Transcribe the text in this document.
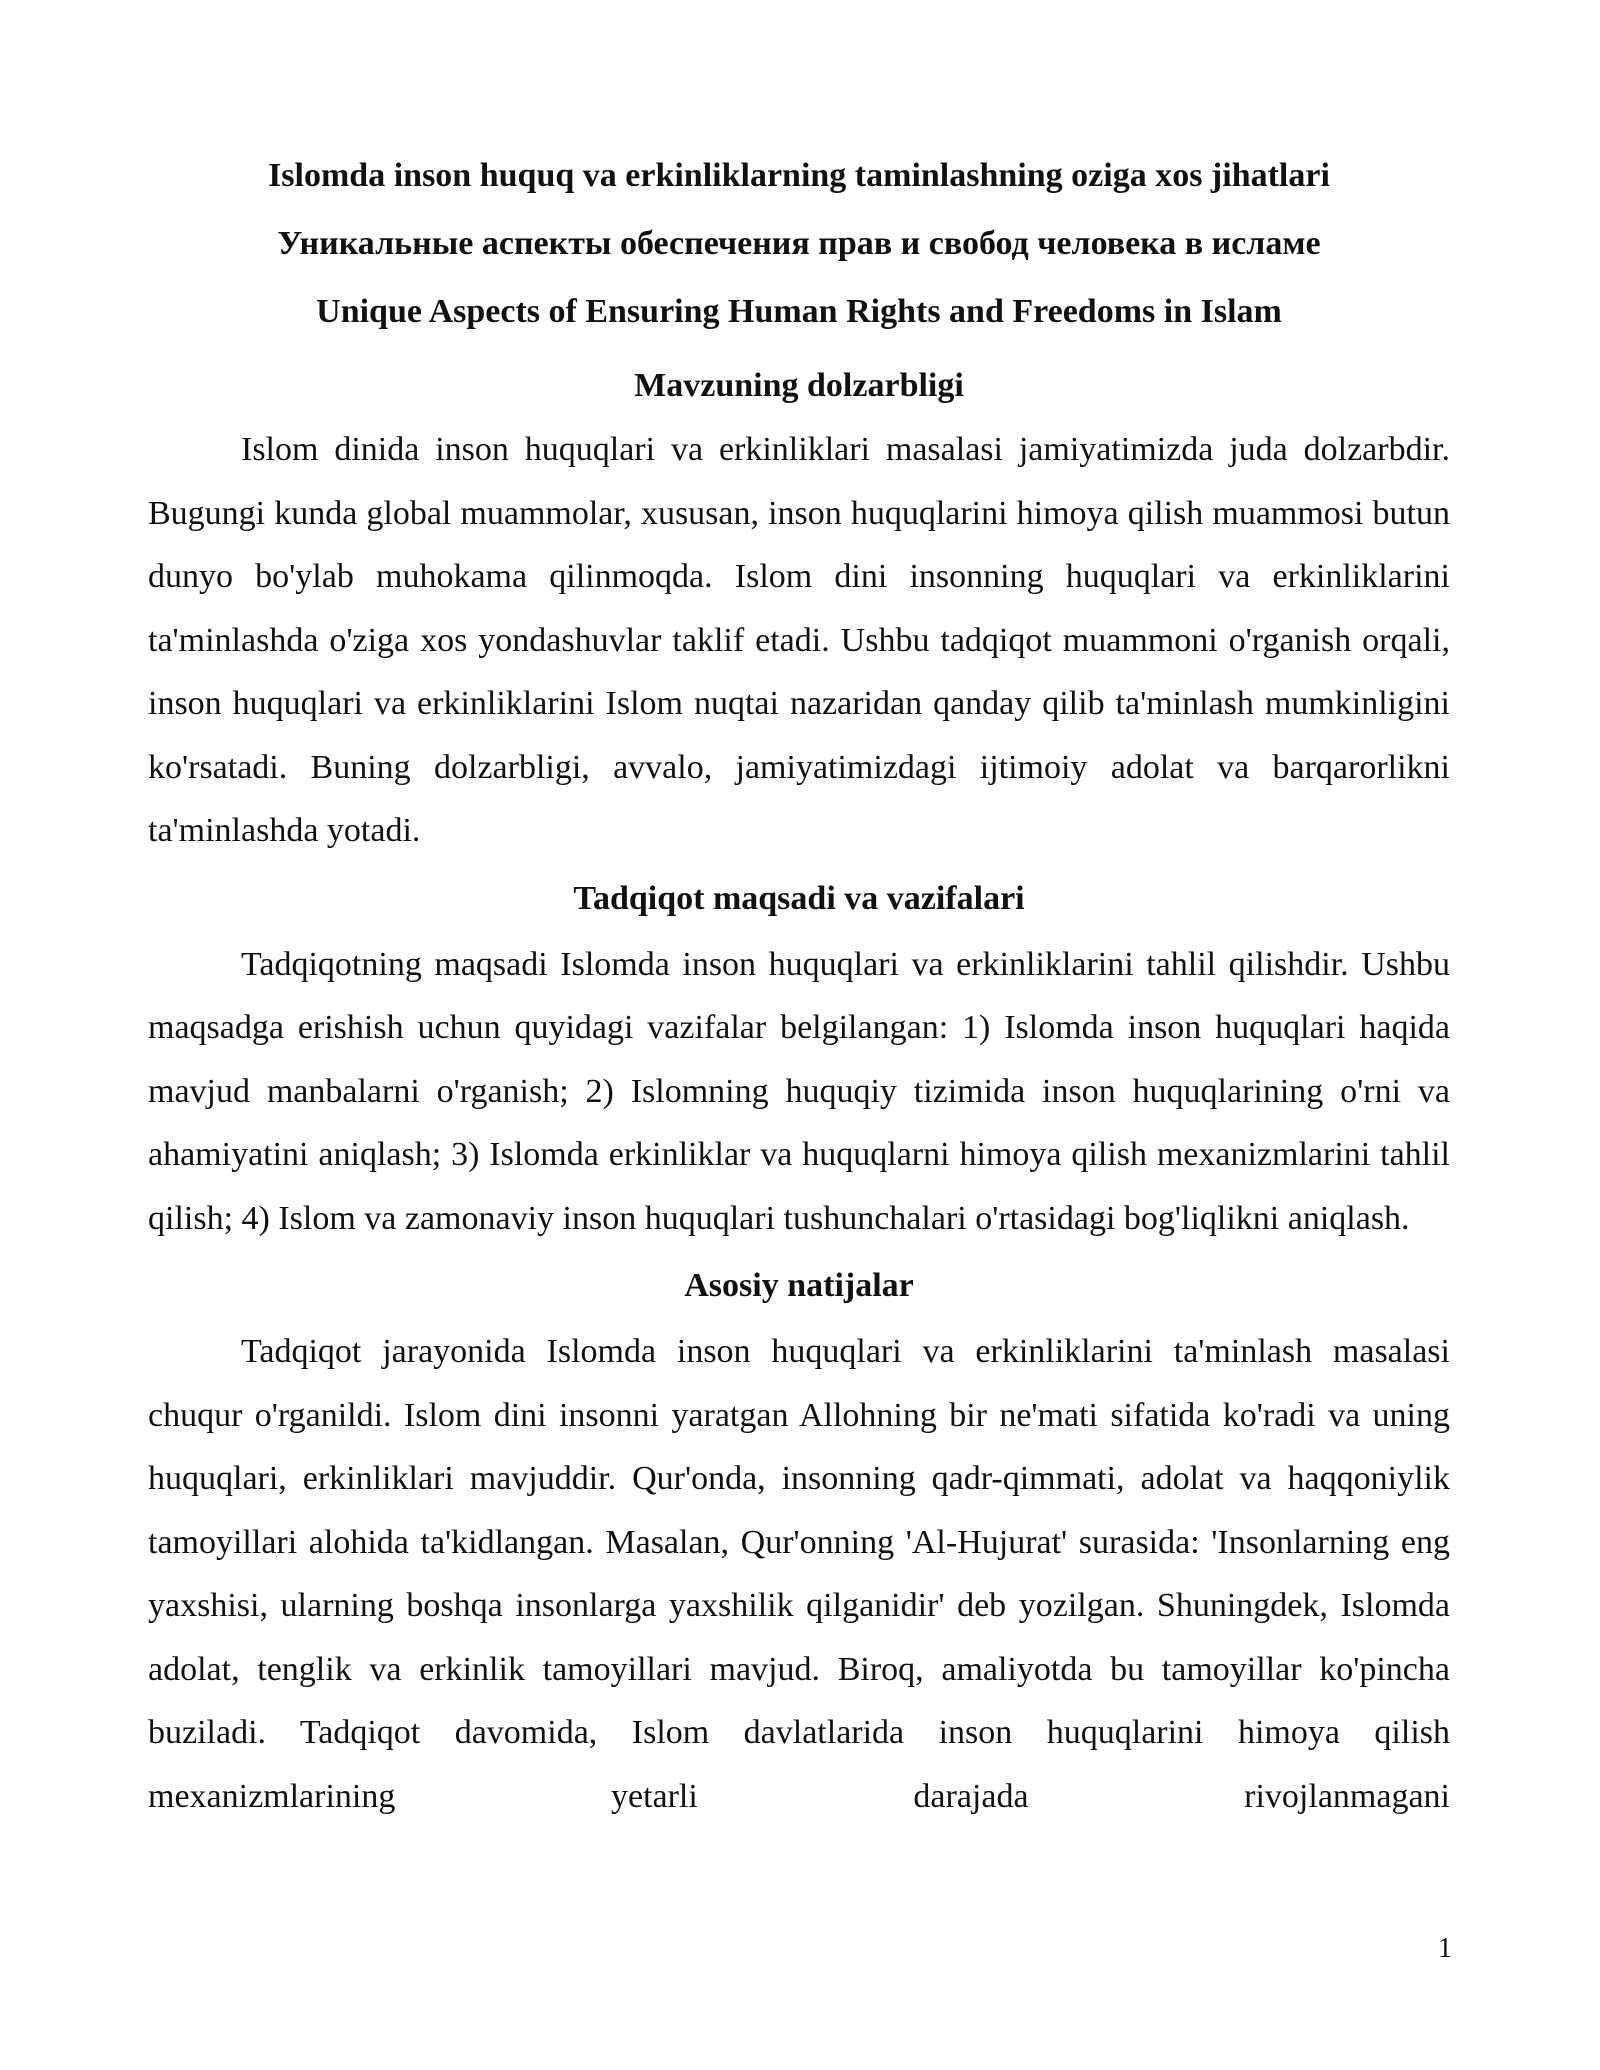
Islomda inson huquq va erkinliklarning taminlashning oziga xos jihatlari
Уникальные аспекты обеспечения прав и свобод человека в исламе
Unique Aspects of Ensuring Human Rights and Freedoms in Islam
Mavzuning dolzarbligi

Islom dinida inson huquqlari va erkinliklari masalasi jamiyatimizda juda dolzarbdir. Bugungi kunda global muammolar, xususan, inson huquqlarini himoya qilish muammosi butun dunyo bo'ylab muhokama qilinmoqda. Islom dini insonning huquqlari va erkinliklarini ta'minlashda o'ziga xos yondashuvlar taklif etadi. Ushbu tadqiqot muammoni o'rganish orqali, inson huquqlari va erkinliklarini Islom nuqtai nazaridan qanday qilib ta'minlash mumkinligini ko'rsatadi. Buning dolzarbligi, avvalo, jamiyatimizdagi ijtimoiy adolat va barqarorlikni ta'minlashda yotadi.

Tadqiqot maqsadi va vazifalari

Tadqiqotning maqsadi Islomda inson huquqlari va erkinliklarini tahlil qilishdir. Ushbu maqsadga erishish uchun quyidagi vazifalar belgilangan: 1) Islomda inson huquqlari haqida mavjud manbalarni o'rganish; 2) Islomning huquqiy tizimida inson huquqlarining o'rni va ahamiyatini aniqlash; 3) Islomda erkinliklar va huquqlarni himoya qilish mexanizmlarini tahlil qilish; 4) Islom va zamonaviy inson huquqlari tushunchalari o'rtasidagi bog'liqlikni aniqlash.

Asosiy natijalar

Tadqiqot jarayonida Islomda inson huquqlari va erkinliklarini ta'minlash masalasi chuqur o'rganildi. Islom dini insonni yaratgan Allohning bir ne'mati sifatida ko'radi va uning huquqlari, erkinliklari mavjuddir. Qur'onda, insonning qadr-qimmati, adolat va haqqoniylik tamoyillari alohida ta'kidlangan. Masalan, Qur'onning 'Al-Hujurat' surasida: 'Insonlarning eng yaxshisi, ularning boshqa insonlarga yaxshilik qilganidir' deb yozilgan. Shuningdek, Islomda adolat, tenglik va erkinlik tamoyillari mavjud. Biroq, amaliyotda bu tamoyillar ko'pincha buziladi. Tadqiqot davomida, Islom davlatlarida inson huquqlarini himoya qilish mexanizmlarining yetarli darajada rivojlanmagani

1
